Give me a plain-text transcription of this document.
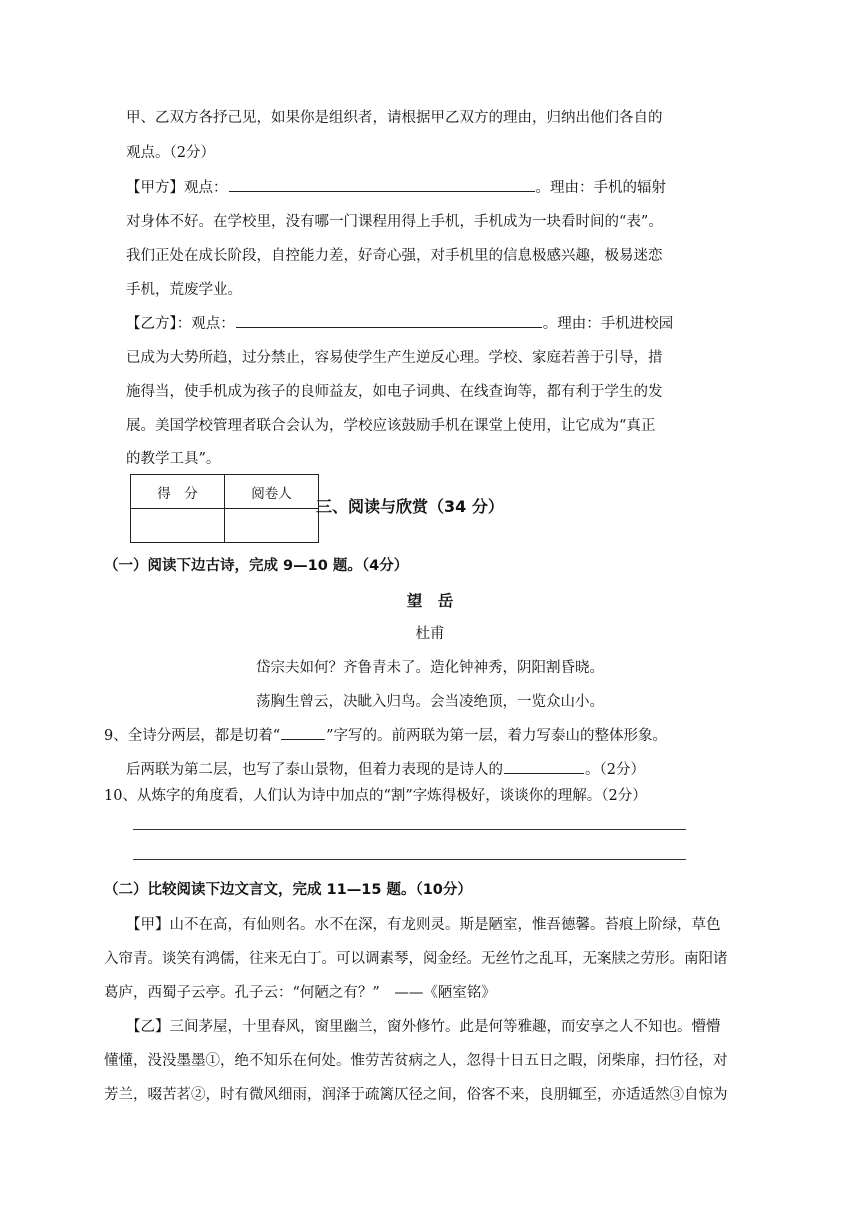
甲、乙双方各抒己见，如果你是组织者，请根据甲乙双方的理由，归纳出他们各自的
观点。（2分）
【甲方】观点：	。理由：手机的辐射
对身体不好。在学校里，没有哪一门课程用得上手机，手机成为一块看时间的“表”。
我们正处在成长阶段，自控能力差，好奇心强，对手机里的信息极感兴趣，极易迷恋
手机，荒废学业。
【乙方】：观点：	。理由：手机进校园
已成为大势所趋，过分禁止，容易使学生产生逆反心理。学校、家庭若善于引导，措
施得当，使手机成为孩子的良师益友，如电子词典、在线查询等，都有利于学生的发
展。美国学校管理者联合会认为，学校应该鼓励手机在课堂上使用，让它成为“真正
的教学工具”。
得　分	阅卷人

三、阅读与欣赏（34 分）
（一）阅读下边古诗，完成 9—10 题。（4分）
望　岳
杜甫
岱宗夫如何？齐鲁青未了。造化钟神秀，阴阳割昏晓。
荡胸生曾云，决眦入归鸟。会当凌绝顶，一览众山小。
9、全诗分两层，都是切着“	”字写的。前两联为第一层，着力写泰山的整体形象。
后两联为第二层，也写了泰山景物，但着力表现的是诗人的	。（2分）
10、从炼字的角度看，人们认为诗中加点的“割”字炼得极好，谈谈你的理解。（2分）
（二）比较阅读下边文言文，完成 11—15 题。（10分）
【甲】山不在高，有仙则名。水不在深，有龙则灵。斯是陋室，惟吾德馨。苔痕上阶绿，草色
入帘青。谈笑有鸿儒，往来无白丁。可以调素琴，阅金经。无丝竹之乱耳，无案牍之劳形。南阳诸
葛庐，西蜀子云亭。孔子云：“何陋之有？”　——《陋室铭》
【乙】三间茅屋，十里春风，窗里幽兰，窗外修竹。此是何等雅趣，而安享之人不知也。懵懵
懂懂，没没墨墨①，绝不知乐在何处。惟劳苦贫病之人，忽得十日五日之暇，闭柴扉，扫竹径，对
芳兰，啜苦茗②，时有微风细雨，润泽于疏篱仄径之间，俗客不来，良朋辄至，亦适适然③自惊为
